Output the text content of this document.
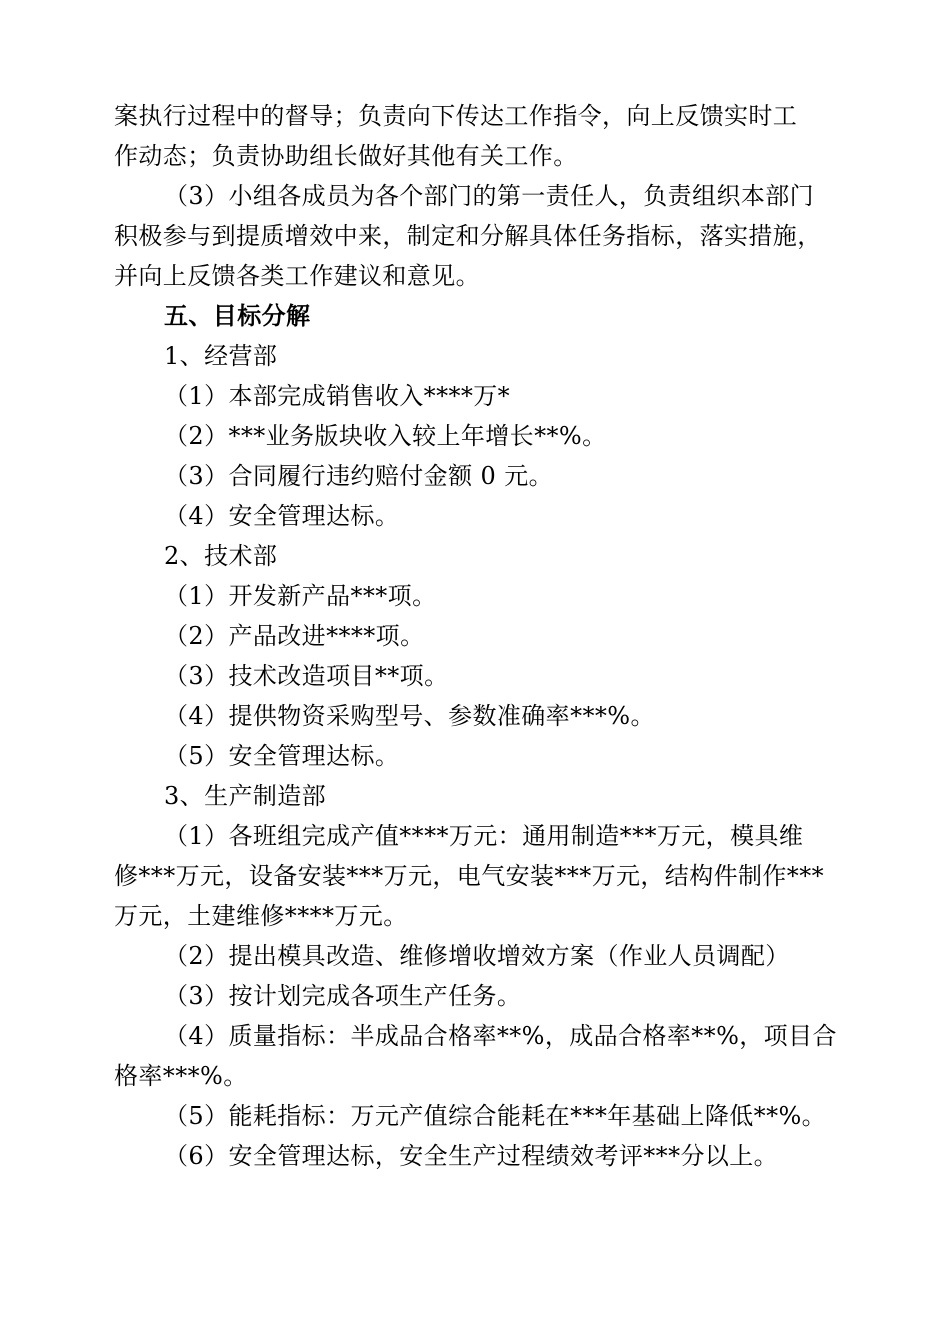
案执行过程中的督导；负责向下传达工作指令，向上反馈实时工

作动态；负责协助组长做好其他有关工作。

（3）小组各成员为各个部门的第一责任人，负责组织本部门

积极参与到提质增效中来，制定和分解具体任务指标，落实措施，

并向上反馈各类工作建议和意见。

五、目标分解

1、经营部

（1）本部完成销售收入****万*

（2）***业务版块收入较上年增长**%。

（3）合同履行违约赔付金额 0 元。

（4）安全管理达标。

2、技术部

（1）开发新产品***项。

（2）产品改进****项。

（3）技术改造项目**项。

（4）提供物资采购型号、参数准确率***%。

（5）安全管理达标。

3、生产制造部

（1）各班组完成产值****万元：通用制造***万元，模具维

修***万元，设备安装***万元，电气安装***万元，结构件制作***

万元，土建维修****万元。

（2）提出模具改造、维修增收增效方案（作业人员调配）

（3）按计划完成各项生产任务。

（4）质量指标：半成品合格率**%，成品合格率**%，项目合

格率***%。

（5）能耗指标：万元产值综合能耗在***年基础上降低**%。

（6）安全管理达标，安全生产过程绩效考评***分以上。
